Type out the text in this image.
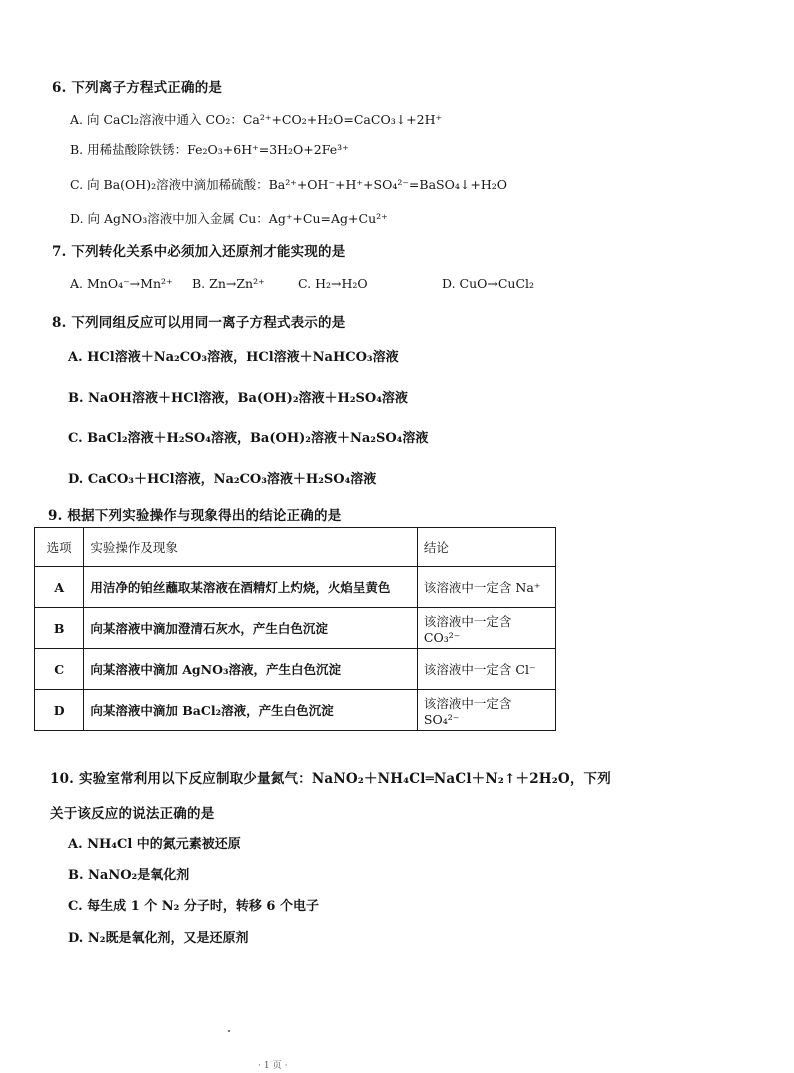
6. 下列离子方程式正确的是
A. 向 CaCl₂溶液中通入 CO₂：Ca²⁺+CO₂+H₂O=CaCO₃↓+2H⁺
B. 用稀盐酸除铁锈：Fe₂O₃+6H⁺=3H₂O+2Fe³⁺
C. 向 Ba(OH)₂溶液中滴加稀硫酸：Ba²⁺+OH⁻+H⁺+SO₄²⁻=BaSO₄↓+H₂O
D. 向 AgNO₃溶液中加入金属 Cu：Ag⁺+Cu=Ag+Cu²⁺
7. 下列转化关系中必须加入还原剂才能实现的是
A. MnO₄⁻→Mn²⁺ B. Zn→Zn²⁺	C. H₂→H₂O	D. CuO→CuCl₂
8. 下列同组反应可以用同一离子方程式表示的是
A. HCl溶液＋Na₂CO₃溶液，HCl溶液＋NaHCO₃溶液
B. NaOH溶液＋HCl溶液，Ba(OH)₂溶液＋H₂SO₄溶液
C. BaCl₂溶液＋H₂SO₄溶液，Ba(OH)₂溶液＋Na₂SO₄溶液
D. CaCO₃＋HCl溶液，Na₂CO₃溶液＋H₂SO₄溶液
9. 根据下列实验操作与现象得出的结论正确的是
选项	实验操作及现象	结论
A	用洁净的铂丝蘸取某溶液在酒精灯上灼烧，火焰呈黄色	该溶液中一定含 Na⁺
B	向某溶液中滴加澄清石灰水，产生白色沉淀	该溶液中一定含 CO₃²⁻
C	向某溶液中滴加 AgNO₃溶液，产生白色沉淀	该溶液中一定含 Cl⁻
D	向某溶液中滴加 BaCl₂溶液，产生白色沉淀	该溶液中一定含 SO₄²⁻
10. 实验室常利用以下反应制取少量氮气：NaNO₂＋NH₄Cl═NaCl＋N₂↑＋2H₂O，下列
关于该反应的说法正确的是
A. NH₄Cl 中的氮元素被还原
B. NaNO₂是氧化剂
C. 每生成 1 个 N₂ 分子时，转移 6 个电子
D. N₂既是氧化剂，又是还原剂
·1页·
